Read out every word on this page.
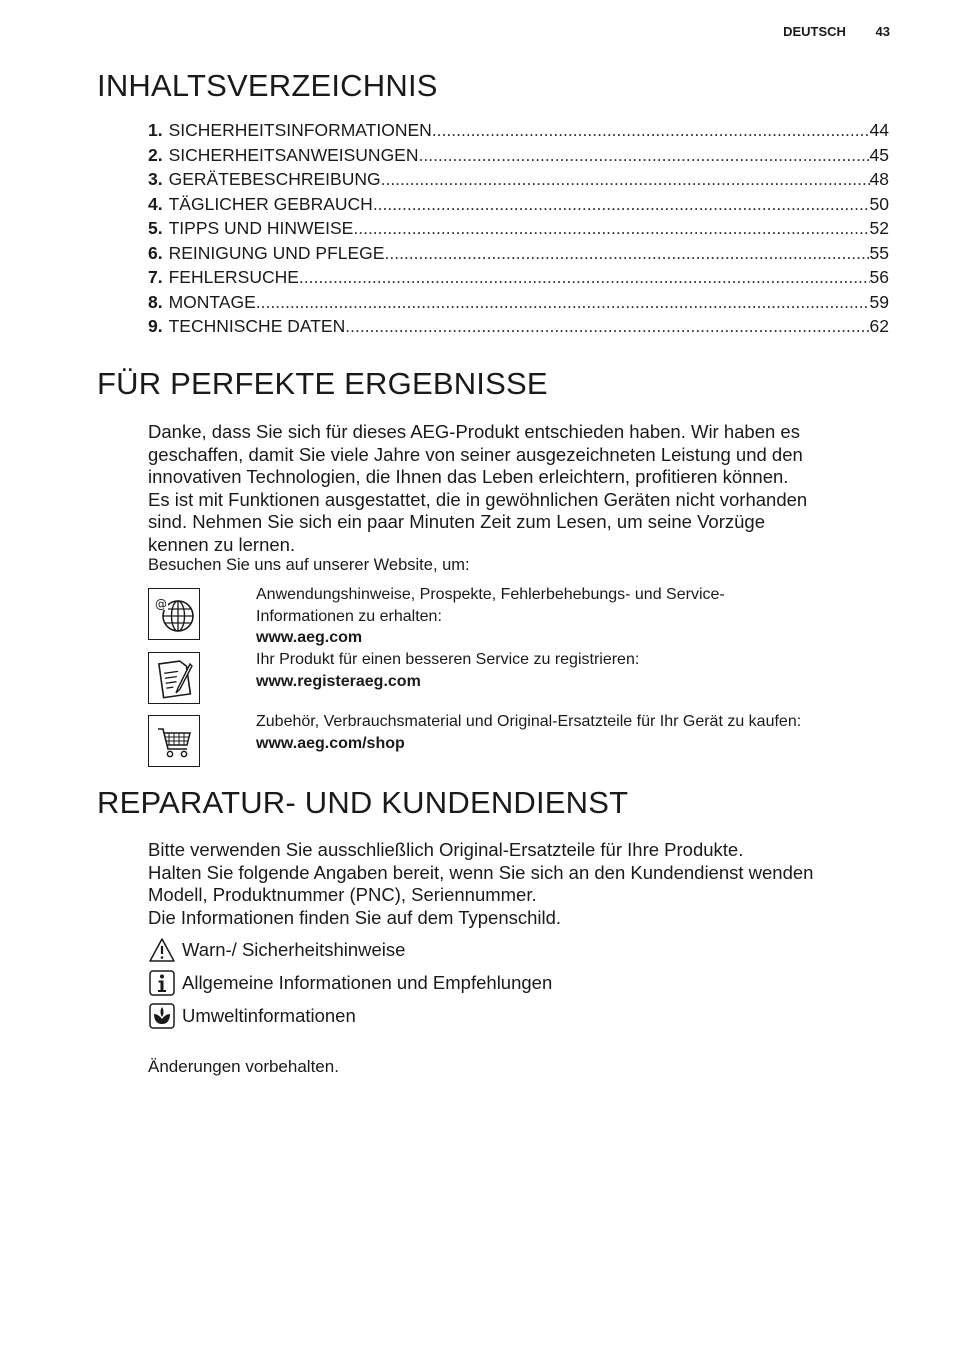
DEUTSCH 43
INHALTSVERZEICHNIS
1. SICHERHEITSINFORMATIONEN .....	44
2. SICHERHEITSANWEISUNGEN .....	45
3. GERÄTEBESCHREIBUNG .....	48
4. TÄGLICHER GEBRAUCH .....	50
5. TIPPS UND HINWEISE .....	52
6. REINIGUNG UND PFLEGE .....	55
7. FEHLERSUCHE .....	56
8. MONTAGE .....	59
9. TECHNISCHE DATEN .....	62
FÜR PERFEKTE ERGEBNISSE
Danke, dass Sie sich für dieses AEG-Produkt entschieden haben. Wir haben es
geschaffen, damit Sie viele Jahre von seiner ausgezeichneten Leistung und den
innovativen Technologien, die Ihnen das Leben erleichtern, profitieren können.
Es ist mit Funktionen ausgestattet, die in gewöhnlichen Geräten nicht vorhanden
sind. Nehmen Sie sich ein paar Minuten Zeit zum Lesen, um seine Vorzüge
kennen zu lernen.
Besuchen Sie uns auf unserer Website, um:
@
Anwendungshinweise, Prospekte, Fehlerbehebungs- und Service-
Informationen zu erhalten:
www.aeg.com
Ihr Produkt für einen besseren Service zu registrieren:
www.registeraeg.com
Zubehör, Verbrauchsmaterial und Original-Ersatzteile für Ihr Gerät zu kaufen:
www.aeg.com/shop
REPARATUR- UND KUNDENDIENST
Bitte verwenden Sie ausschließlich Original-Ersatzteile für Ihre Produkte.
Halten Sie folgende Angaben bereit, wenn Sie sich an den Kundendienst wenden
Modell, Produktnummer (PNC), Seriennummer.
Die Informationen finden Sie auf dem Typenschild.
Warn-/ Sicherheitshinweise
Allgemeine Informationen und Empfehlungen
Umweltinformationen
Änderungen vorbehalten.
